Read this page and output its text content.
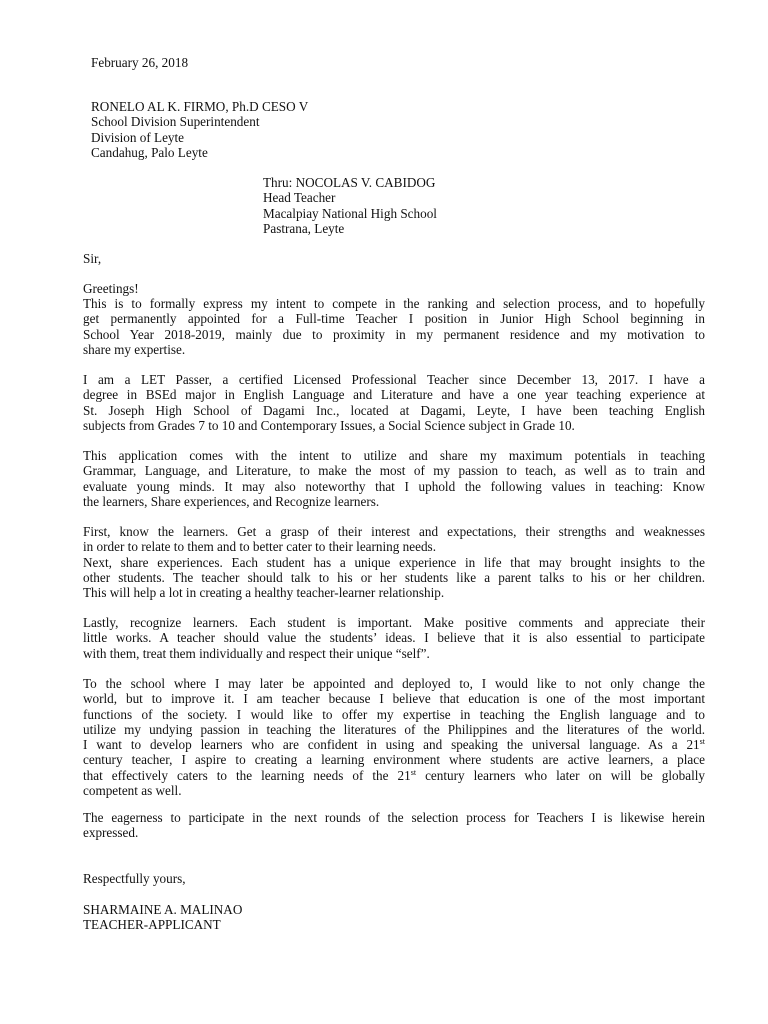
February 26, 2018
RONELO AL K. FIRMO, Ph.D CESO V
School Division Superintendent
Division of Leyte
Candahug, Palo Leyte
Thru: NOCOLAS V. CABIDOG
Head Teacher
Macalpiay National High School
Pastrana, Leyte
Sir,
Greetings!
This is to formally express my intent to compete in the ranking and selection process, and to hopefully
get permanently appointed for a Full-time Teacher I position in Junior High School beginning in
School Year 2018-2019, mainly due to proximity in my permanent residence and my motivation to
share my expertise.
I am a LET Passer, a certified Licensed Professional Teacher since December 13, 2017. I have a
degree in BSEd major in English Language and Literature and have a one year teaching experience at
St. Joseph High School of Dagami Inc., located at Dagami, Leyte, I have been teaching English
subjects from Grades 7 to 10 and Contemporary Issues, a Social Science subject in Grade 10.
This application comes with the intent to utilize and share my maximum potentials in teaching
Grammar, Language, and Literature, to make the most of my passion to teach, as well as to train and
evaluate young minds. It may also noteworthy that I uphold the following values in teaching: Know
the learners, Share experiences, and Recognize learners.
First, know the learners. Get a grasp of their interest and expectations, their strengths and weaknesses
in order to relate to them and to better cater to their learning needs.
Next, share experiences. Each student has a unique experience in life that may brought insights to the
other students. The teacher should talk to his or her students like a parent talks to his or her children.
This will help a lot in creating a healthy teacher-learner relationship.
Lastly, recognize learners. Each student is important. Make positive comments and appreciate their
little works. A teacher should value the students’ ideas. I believe that it is also essential to participate
with them, treat them individually and respect their unique “self”.
To the school where I may later be appointed and deployed to, I would like to not only change the
world, but to improve it. I am teacher because I believe that education is one of the most important
functions of the society. I would like to offer my expertise in teaching the English language and to
utilize my undying passion in teaching the literatures of the Philippines and the literatures of the world.
I want to develop learners who are confident in using and speaking the universal language. As a 21st
century teacher, I aspire to creating a learning environment where students are active learners, a place
that effectively caters to the learning needs of the 21st century learners who later on will be globally
competent as well.
The eagerness to participate in the next rounds of the selection process for Teachers I is likewise herein
expressed.
Respectfully yours,
SHARMAINE A. MALINAO
TEACHER-APPLICANT
